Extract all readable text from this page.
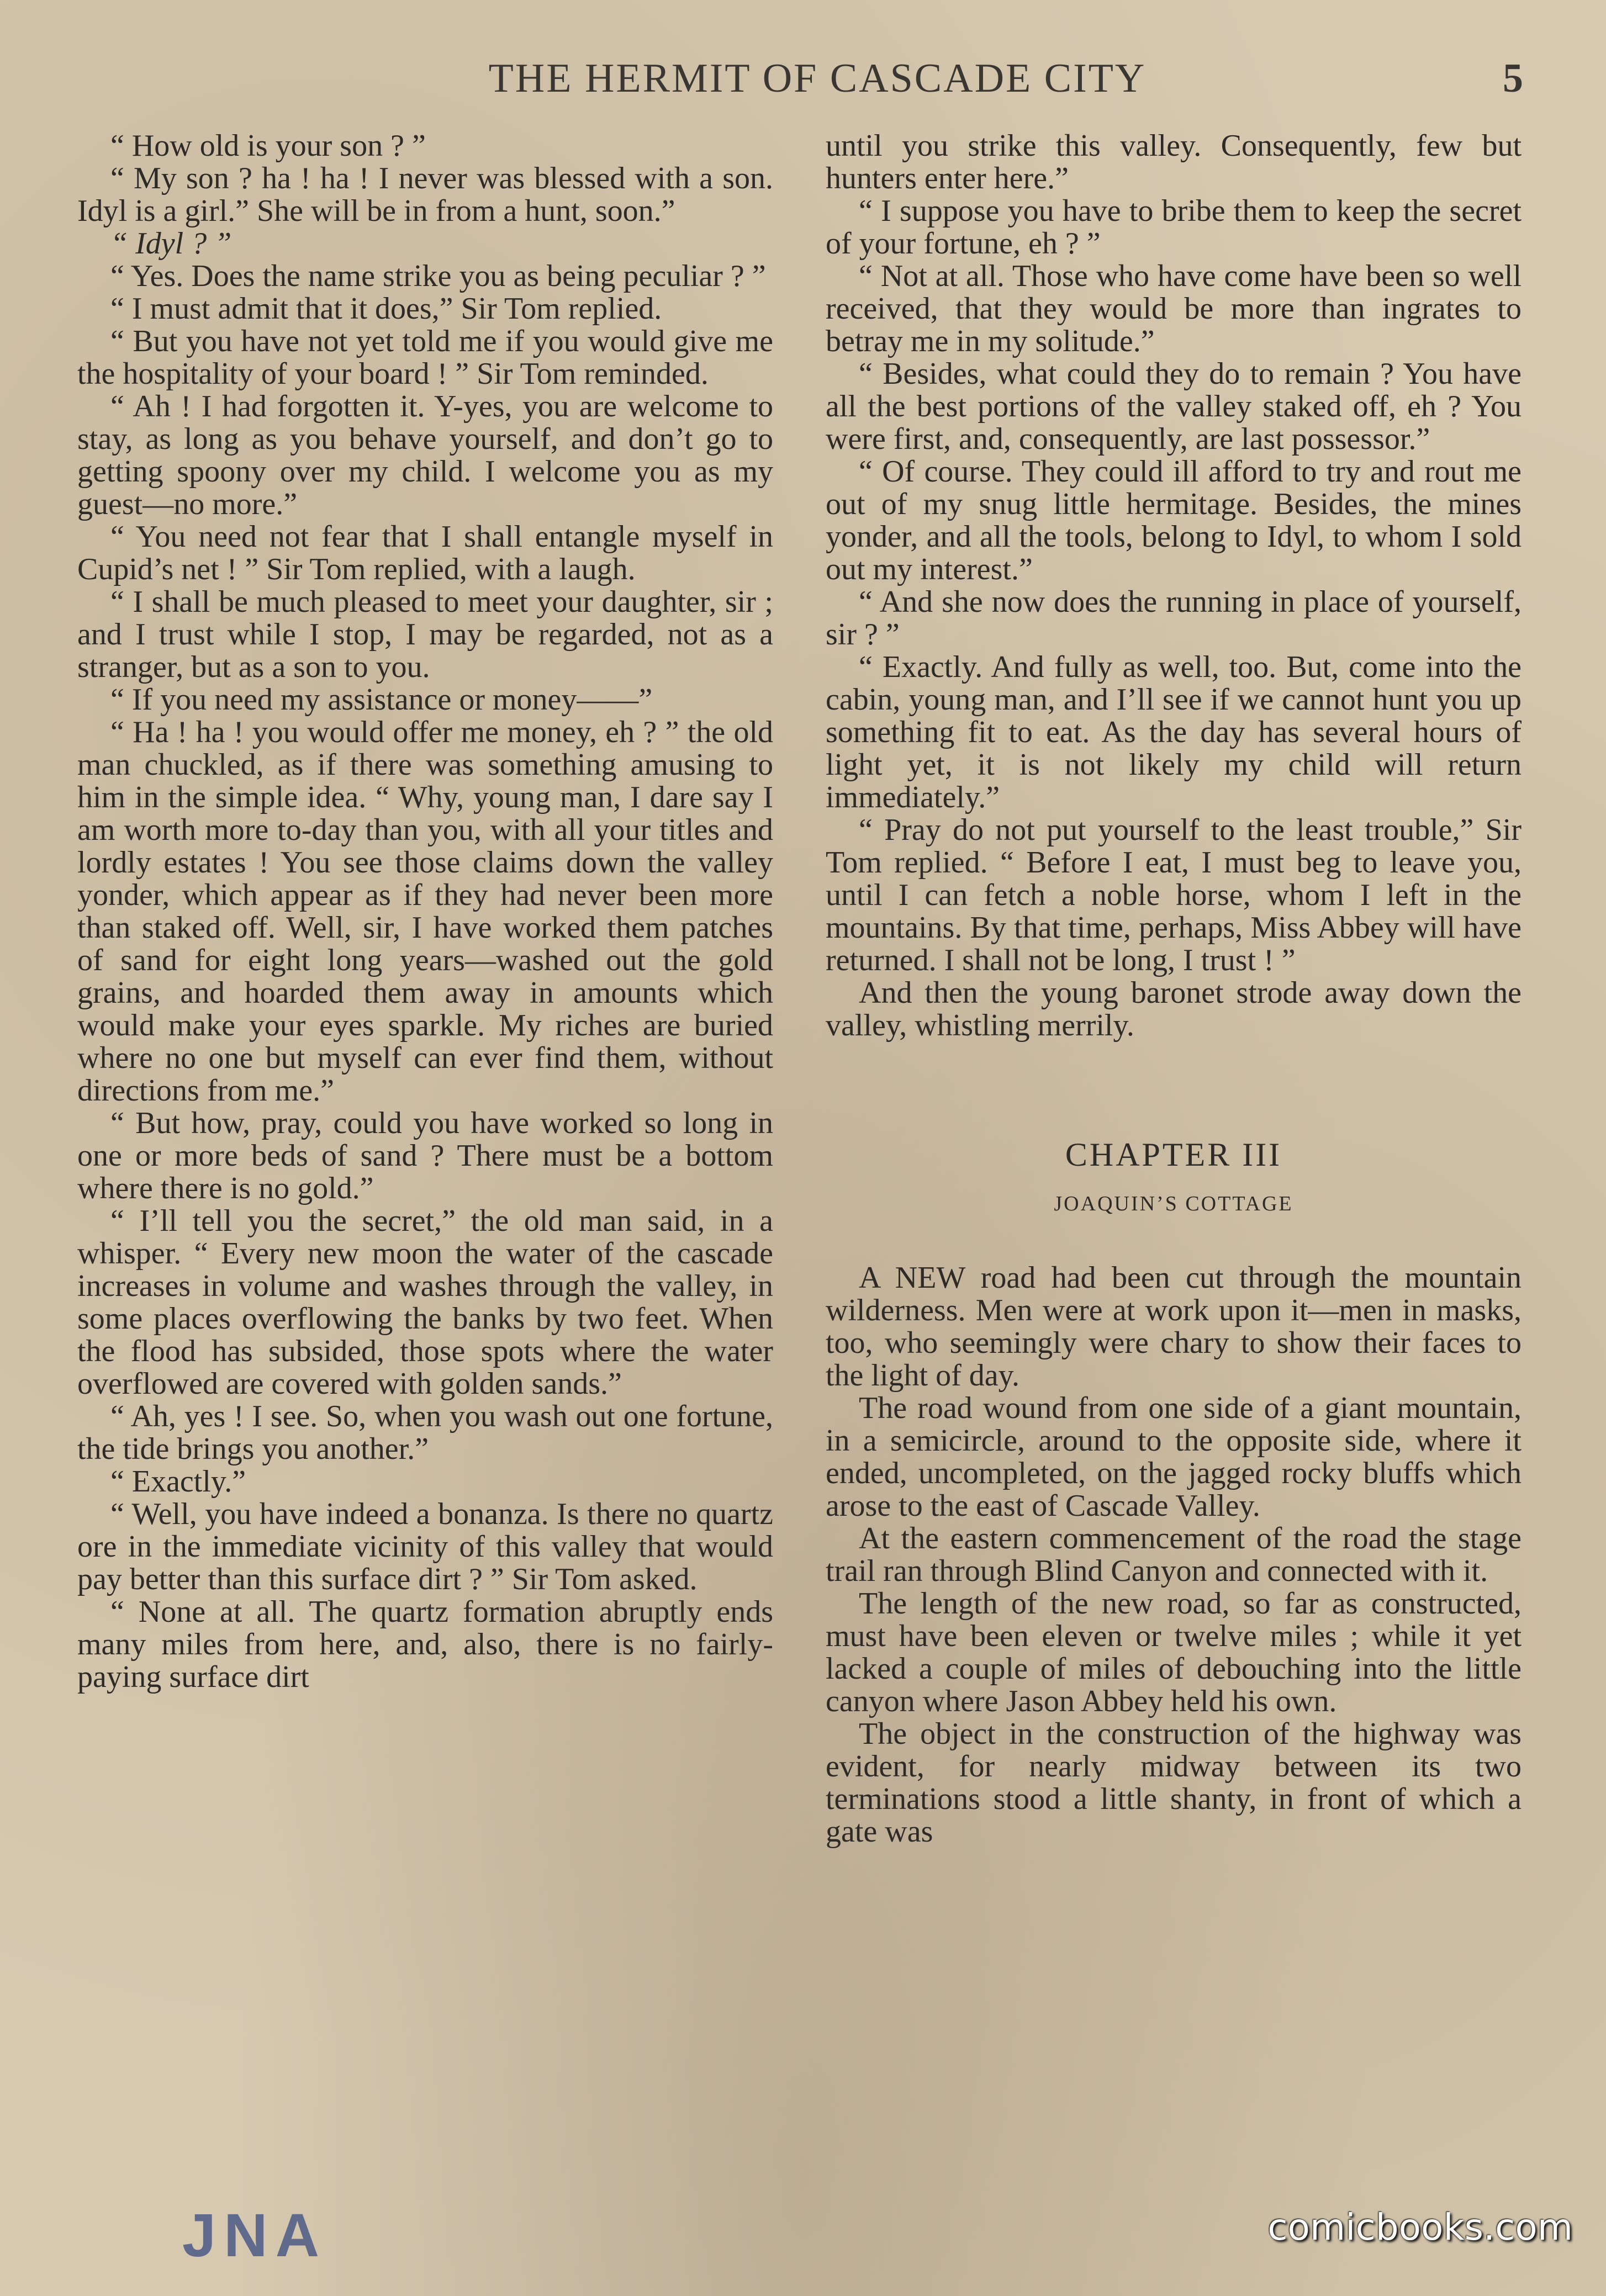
THE HERMIT OF CASCADE CITY	5

“ How old is your son ? ”

“ My son ? ha ! ha ! I never was blessed with a son. Idyl is a girl.” She will be in from a hunt, soon.”

“ Idyl ? ”

“ Yes. Does the name strike you as being peculiar ? ”

“ I must admit that it does,” Sir Tom replied.

“ But you have not yet told me if you would give me the hospitality of your board ! ” Sir Tom reminded.

“ Ah ! I had forgotten it. Y-yes, you are welcome to stay, as long as you behave yourself, and don’t go to getting spoony over my child. I welcome you as my guest—no more.”

“ You need not fear that I shall entangle myself in Cupid’s net ! ” Sir Tom replied, with a laugh.

“ I shall be much pleased to meet your daughter, sir ; and I trust while I stop, I may be regarded, not as a stranger, but as a son to you.

“ If you need my assistance or money——”

“ Ha ! ha ! you would offer me money, eh ? ” the old man chuckled, as if there was something amusing to him in the simple idea. “ Why, young man, I dare say I am worth more to-day than you, with all your titles and lordly estates ! You see those claims down the valley yonder, which appear as if they had never been more than staked off. Well, sir, I have worked them patches of sand for eight long years—washed out the gold grains, and hoarded them away in amounts which would make your eyes sparkle. My riches are buried where no one but myself can ever find them, without directions from me.”

“ But how, pray, could you have worked so long in one or more beds of sand ? There must be a bottom where there is no gold.”

“ I’ll tell you the secret,” the old man said, in a whisper. “ Every new moon the water of the cascade increases in volume and washes through the valley, in some places overflowing the banks by two feet. When the flood has subsided, those spots where the water overflowed are covered with golden sands.”

“ Ah, yes ! I see. So, when you wash out one fortune, the tide brings you another.”

“ Exactly.”

“ Well, you have indeed a bonanza. Is there no quartz ore in the immediate vicinity of this valley that would pay better than this surface dirt ? ” Sir Tom asked.

“ None at all. The quartz formation abruptly ends many miles from here, and, also, there is no fairly-paying surface dirt

until you strike this valley. Consequently, few but hunters enter here.”

“ I suppose you have to bribe them to keep the secret of your fortune, eh ? ”

“ Not at all. Those who have come have been so well received, that they would be more than ingrates to betray me in my solitude.”

“ Besides, what could they do to remain ? You have all the best portions of the valley staked off, eh ? You were first, and, consequently, are last possessor.”

“ Of course. They could ill afford to try and rout me out of my snug little hermitage. Besides, the mines yonder, and all the tools, belong to Idyl, to whom I sold out my interest.”

“ And she now does the running in place of yourself, sir ? ”

“ Exactly. And fully as well, too. But, come into the cabin, young man, and I’ll see if we cannot hunt you up something fit to eat. As the day has several hours of light yet, it is not likely my child will return immediately.”

“ Pray do not put yourself to the least trouble,” Sir Tom replied. “ Before I eat, I must beg to leave you, until I can fetch a noble horse, whom I left in the mountains. By that time, perhaps, Miss Abbey will have returned. I shall not be long, I trust ! ”

And then the young baronet strode away down the valley, whistling merrily.

CHAPTER III
JOAQUIN’S COTTAGE

A NEW road had been cut through the mountain wilderness. Men were at work upon it—men in masks, too, who seemingly were chary to show their faces to the light of day.

The road wound from one side of a giant mountain, in a semicircle, around to the opposite side, where it ended, uncompleted, on the jagged rocky bluffs which arose to the east of Cascade Valley.

At the eastern commencement of the road the stage trail ran through Blind Canyon and connected with it.

The length of the new road, so far as constructed, must have been eleven or twelve miles ; while it yet lacked a couple of miles of debouching into the little canyon where Jason Abbey held his own.

The object in the construction of the highway was evident, for nearly midway between its two terminations stood a little shanty, in front of which a gate was

JNA	comicbooks.com
